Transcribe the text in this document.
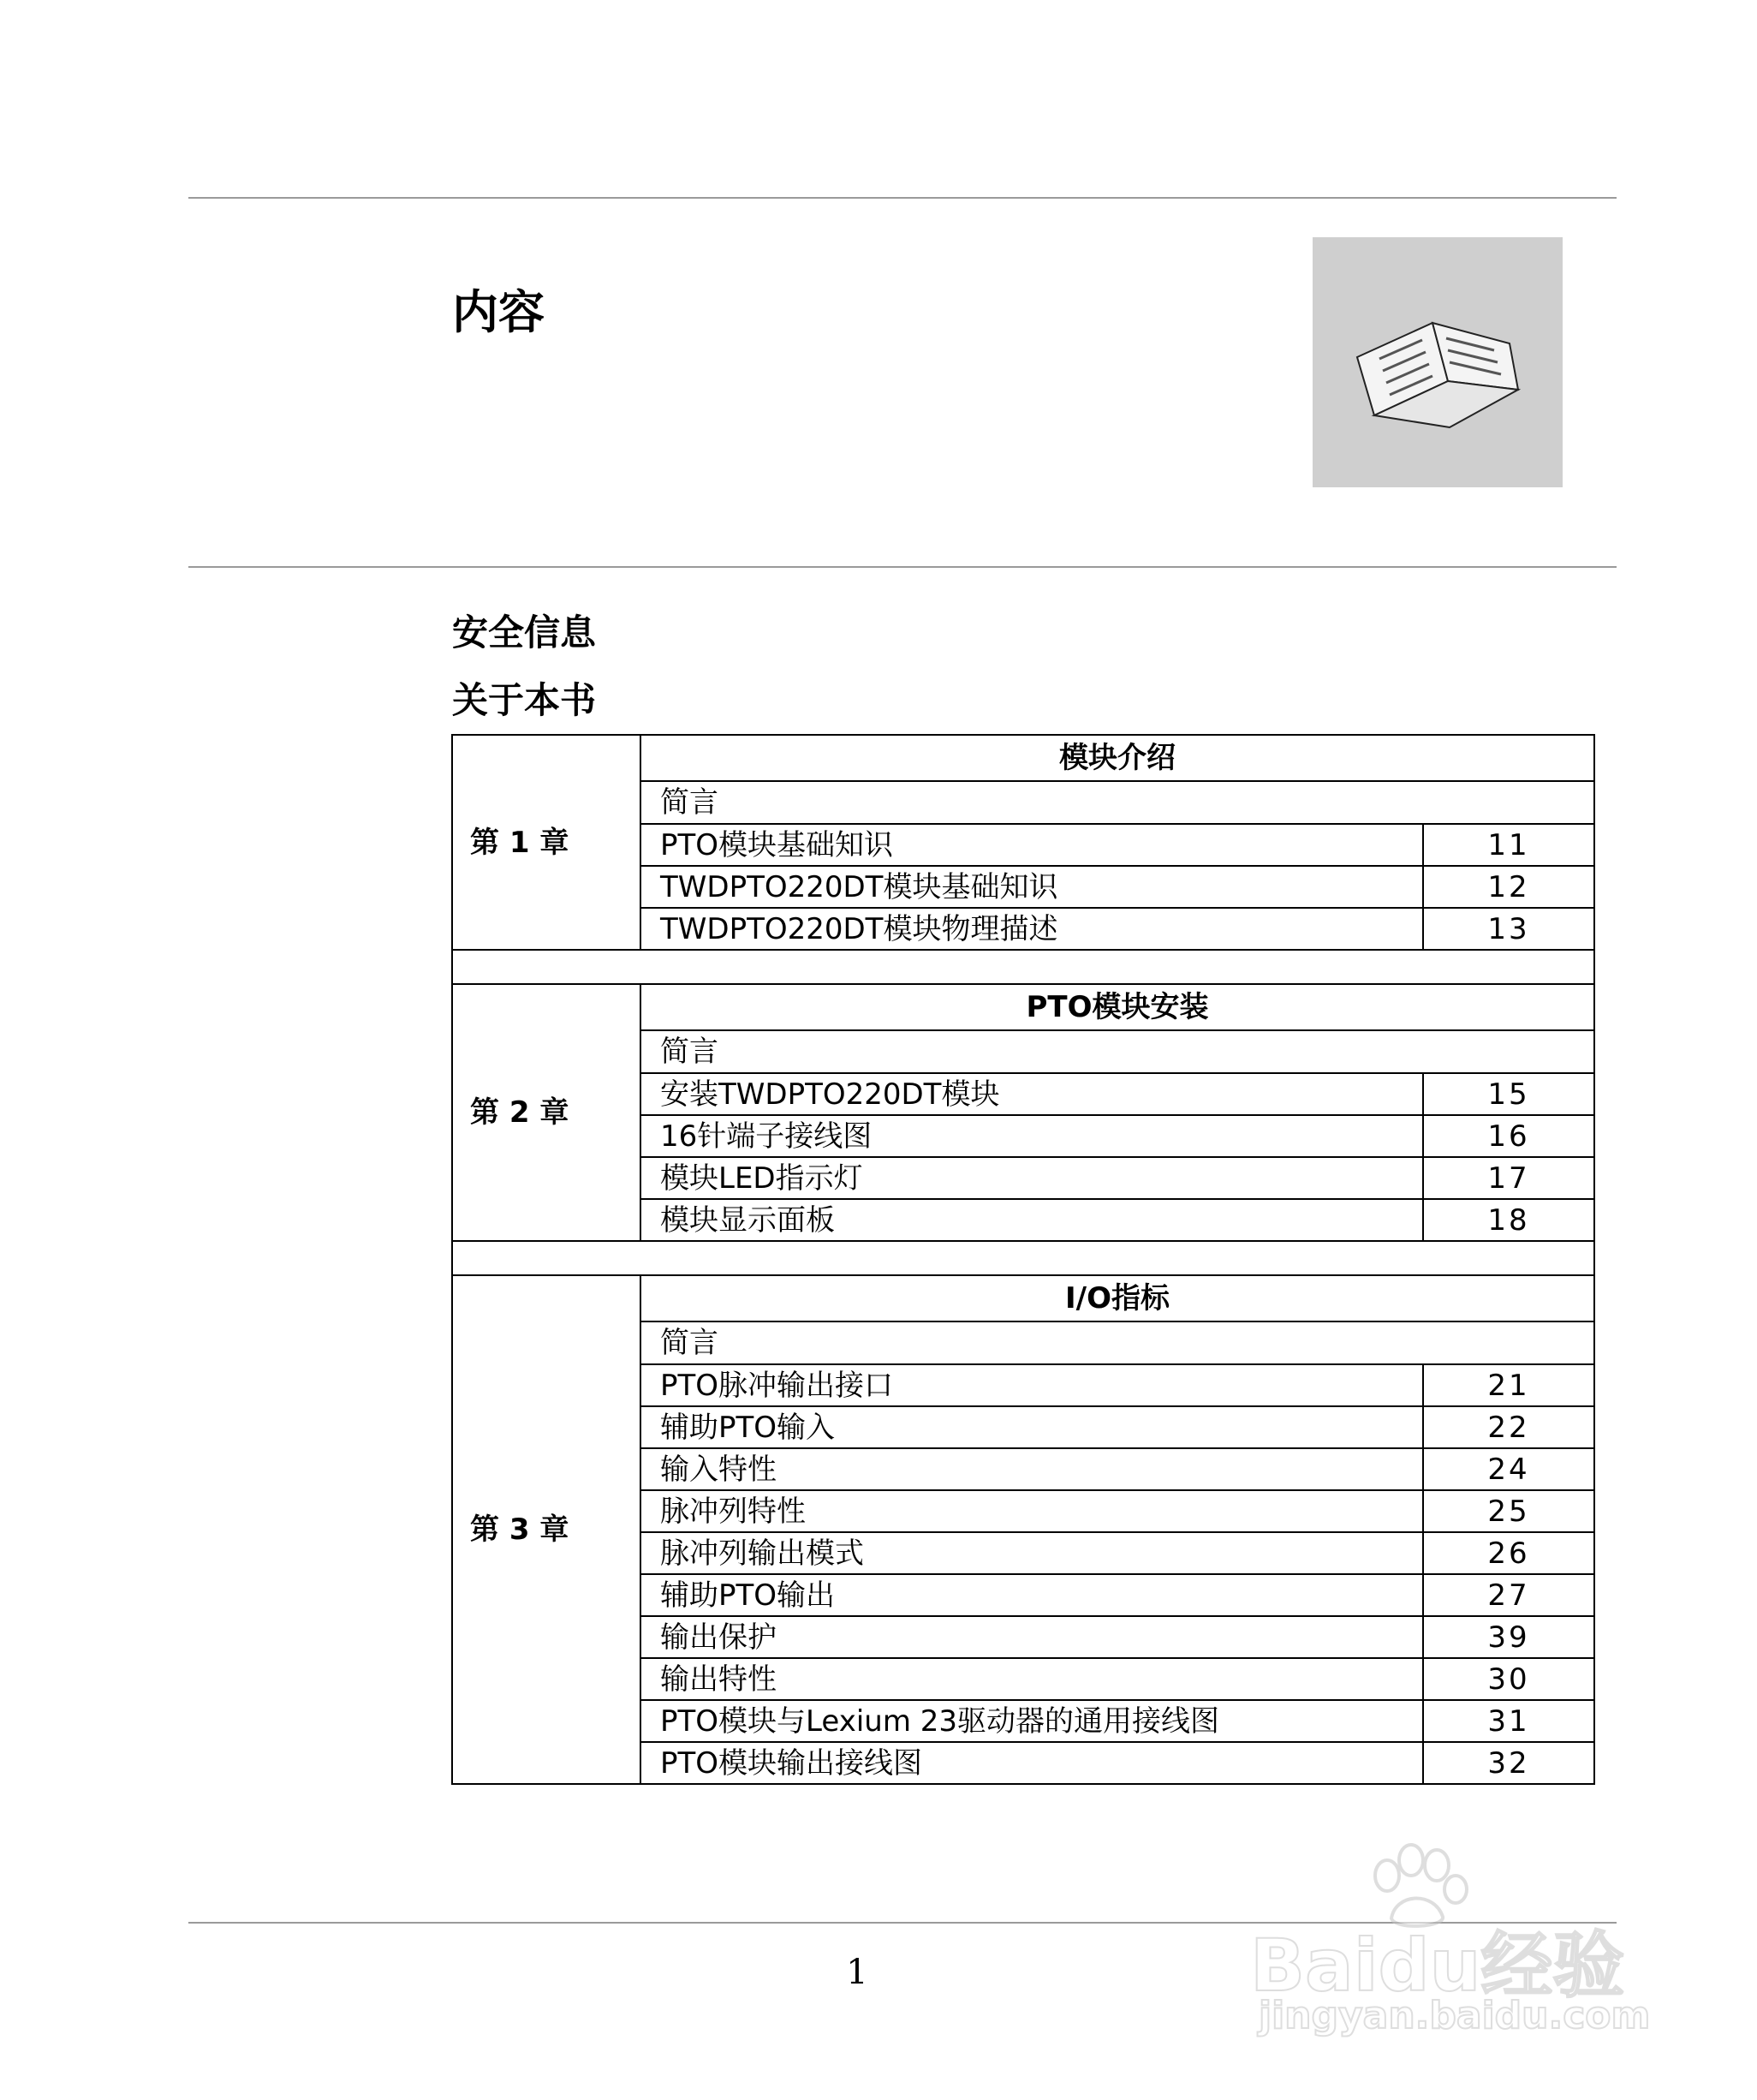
内容
安全信息
关于本书
第 1 章	模块介绍	
	简言	
	PTO模块基础知识	11
	TWDPTO220DT模块基础知识	12
	TWDPTO220DT模块物理描述	13

第 2 章	PTO模块安装	
	简言	
	安装TWDPTO220DT模块	15
	16针端子接线图	16
	模块LED指示灯	17
	模块显示面板	18

第 3 章	I/O指标	
	简言	
	PTO脉冲输出接口	21
	辅助PTO输入	22
	输入特性	24
	脉冲列特性	25
	脉冲列输出模式	26
	辅助PTO输出	27
	输出保护	39
	输出特性	30
	PTO模块与Lexium 23驱动器的通用接线图	31
	PTO模块输出接线图	32
1	Baidu经验
jingyan.baidu.com
